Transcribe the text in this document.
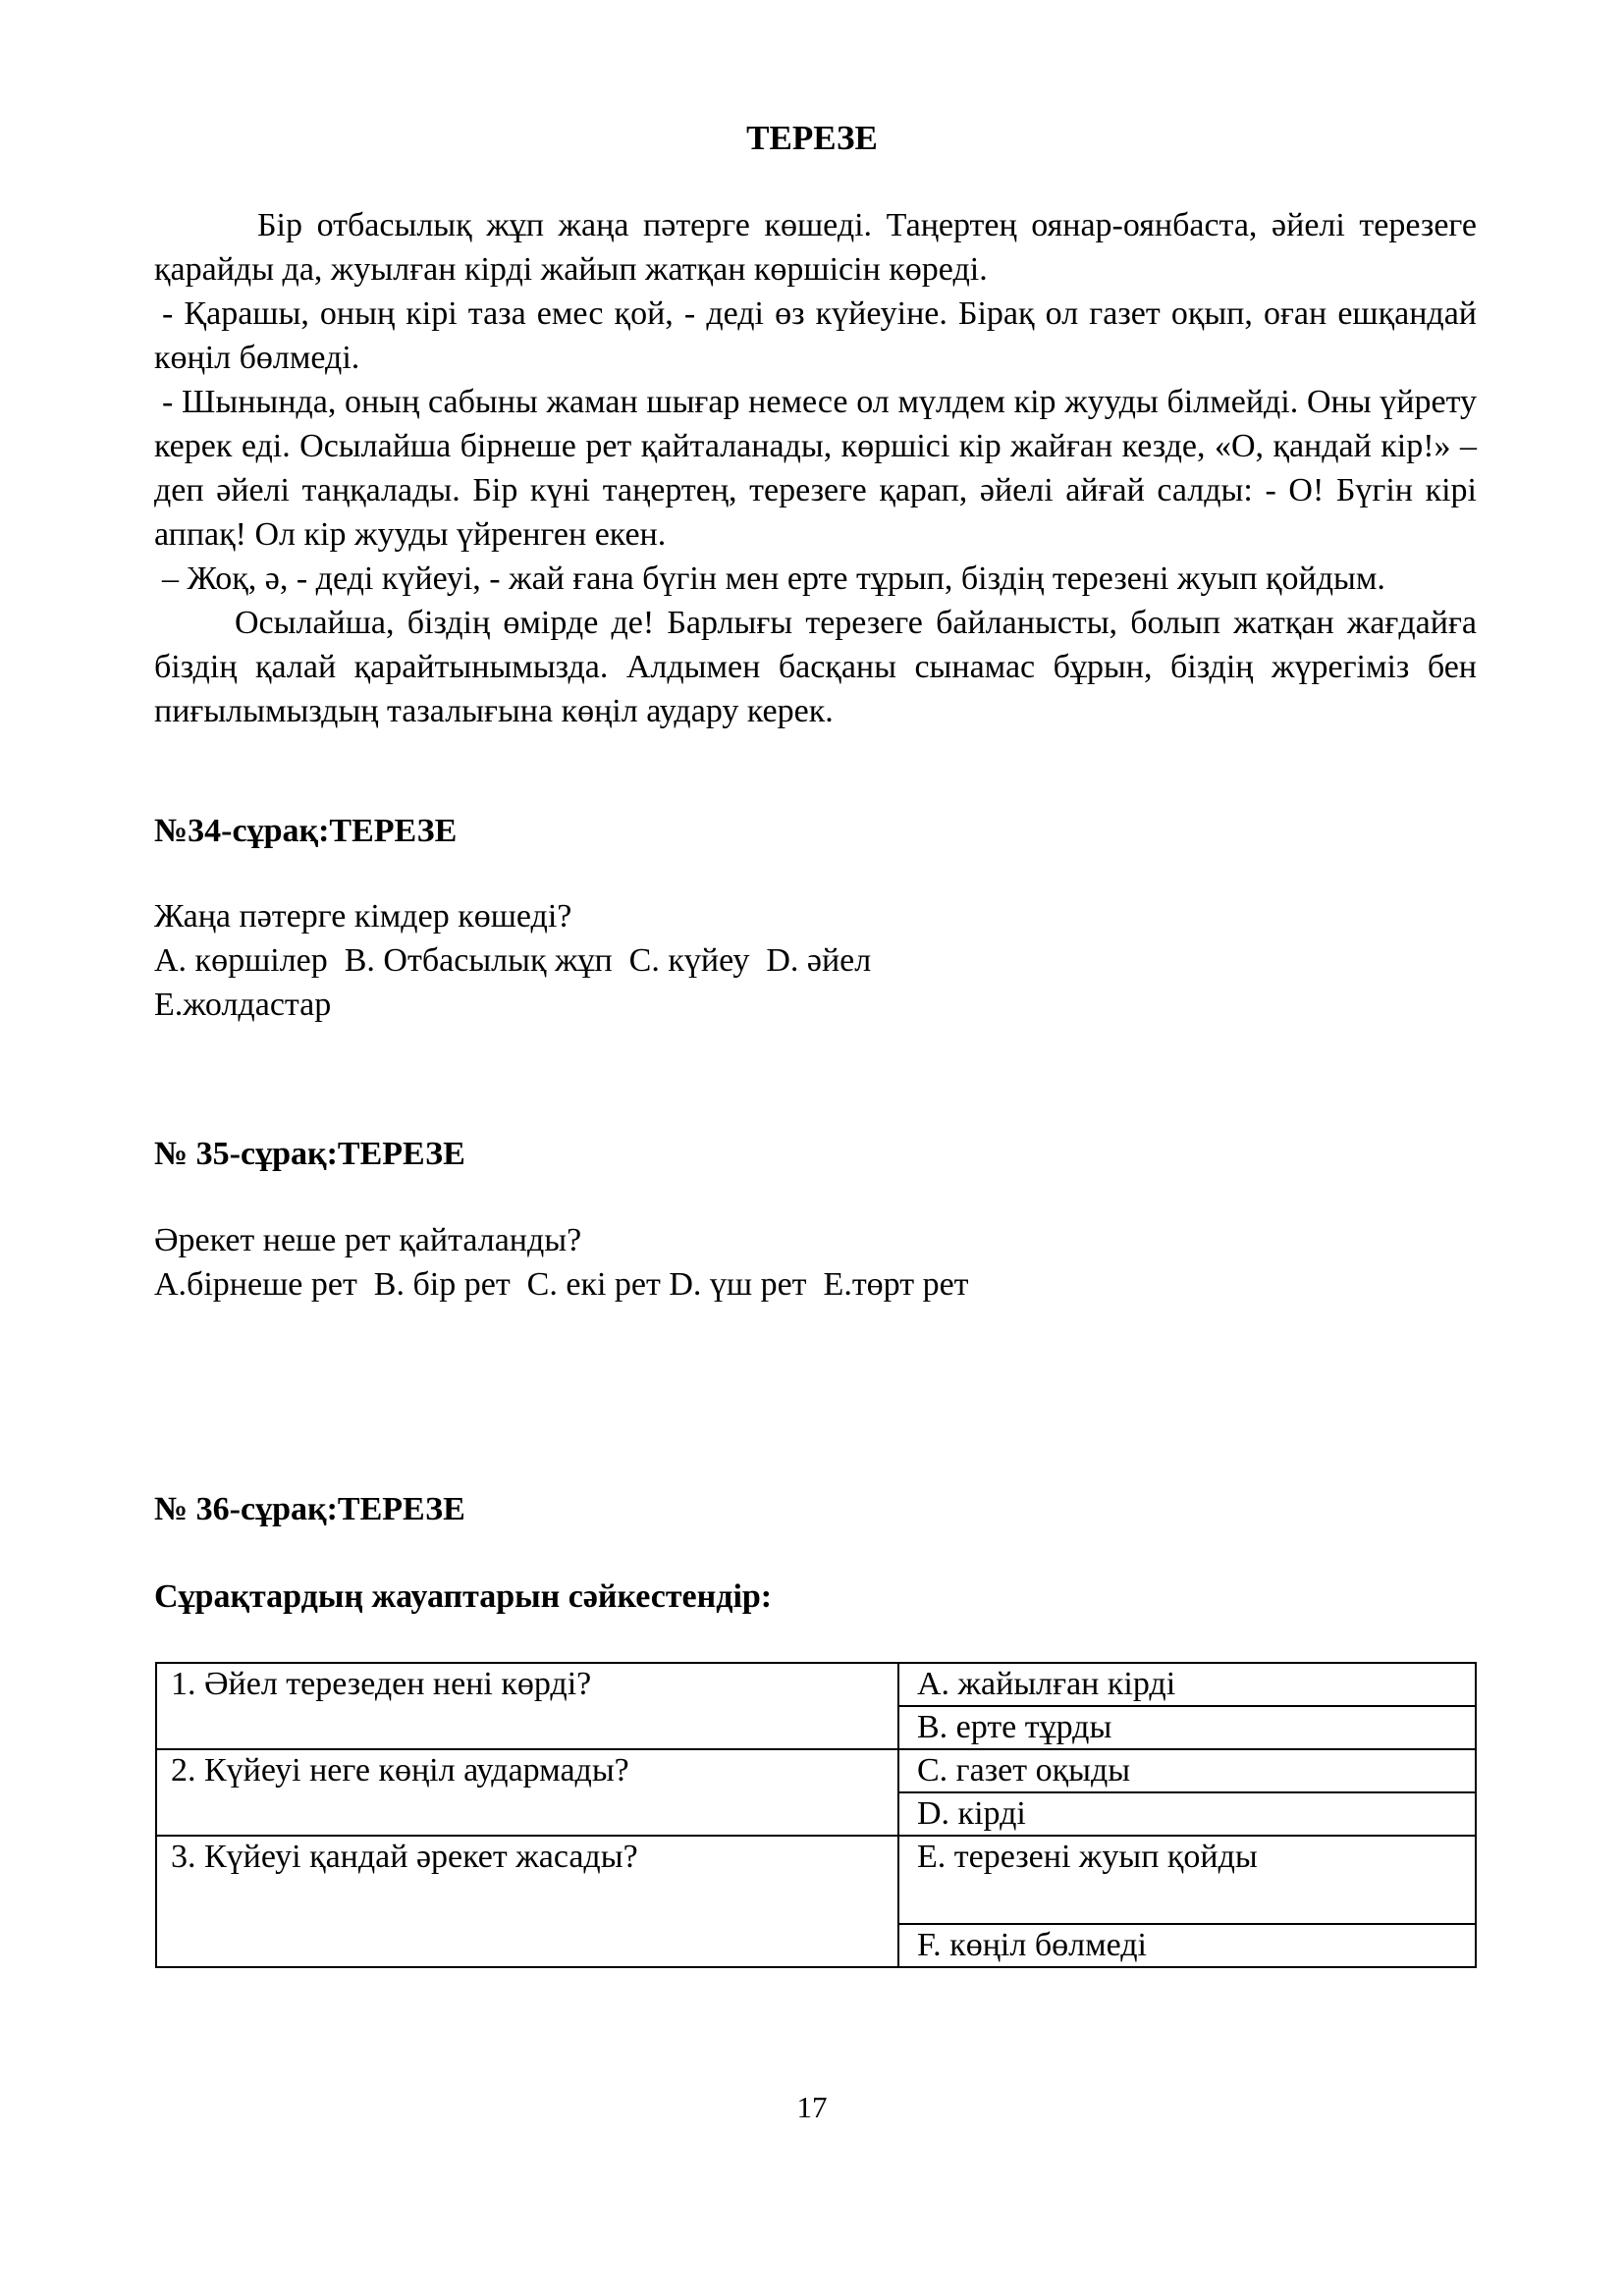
ТЕРЕЗЕ

Бір отбасылық жұп жаңа пәтерге көшеді. Таңертең оянар-оянбаста, әйелі терезеге қарайды да, жуылған кірді жайып жатқан көршісін көреді.

- Қарашы, оның кірі таза емес қой, - деді өз күйеуіне. Бірақ ол газет оқып, оған ешқандай көңіл бөлмеді.

- Шынында, оның сабыны жаман шығар немесе ол мүлдем кір жууды білмейді. Оны үйрету керек еді. Осылайша бірнеше рет қайталанады, көршісі кір жайған кезде, «О, қандай кір!» – деп әйелі таңқалады. Бір күні таңертең, терезеге қарап, әйелі айғай салды: - О! Бүгін кірі аппақ! Ол кір жууды үйренген екен.

– Жоқ, ә, - деді күйеуі, - жай ғана бүгін мен ерте тұрып, біздің терезені жуып қойдым.

Осылайша, біздің өмірде де! Барлығы терезеге байланысты, болып жатқан жағдайға біздің қалай қарайтынымызда. Алдымен басқаны сынамас бұрын, біздің жүрегіміз бен пиғылымыздың тазалығына көңіл аудару керек.

№34-сұрақ:ТЕРЕЗЕ
Жаңа пәтерге кімдер көшеді?
А. көршілер  В. Отбасылық жұп  С. күйеу  D. әйел
Е.жолдастар
№ 35-сұрақ:ТЕРЕЗЕ
Әрекет неше рет қайталанды?
А.бірнеше рет  В. бір рет  С. екі рет D. үш рет  Е.төрт рет
№ 36-сұрақ:ТЕРЕЗЕ
Сұрақтардың жауаптарын сәйкестендір:
1. Әйел терезеден нені көрді?	А. жайылған кірді
	В. ерте тұрды
2. Күйеуі неге көңіл аудармады?	С. газет оқыды
	D. кірді
3. Күйеуі қандай әрекет жасады?	Е. терезені жуып қойды
	F. көңіл бөлмеді
17
